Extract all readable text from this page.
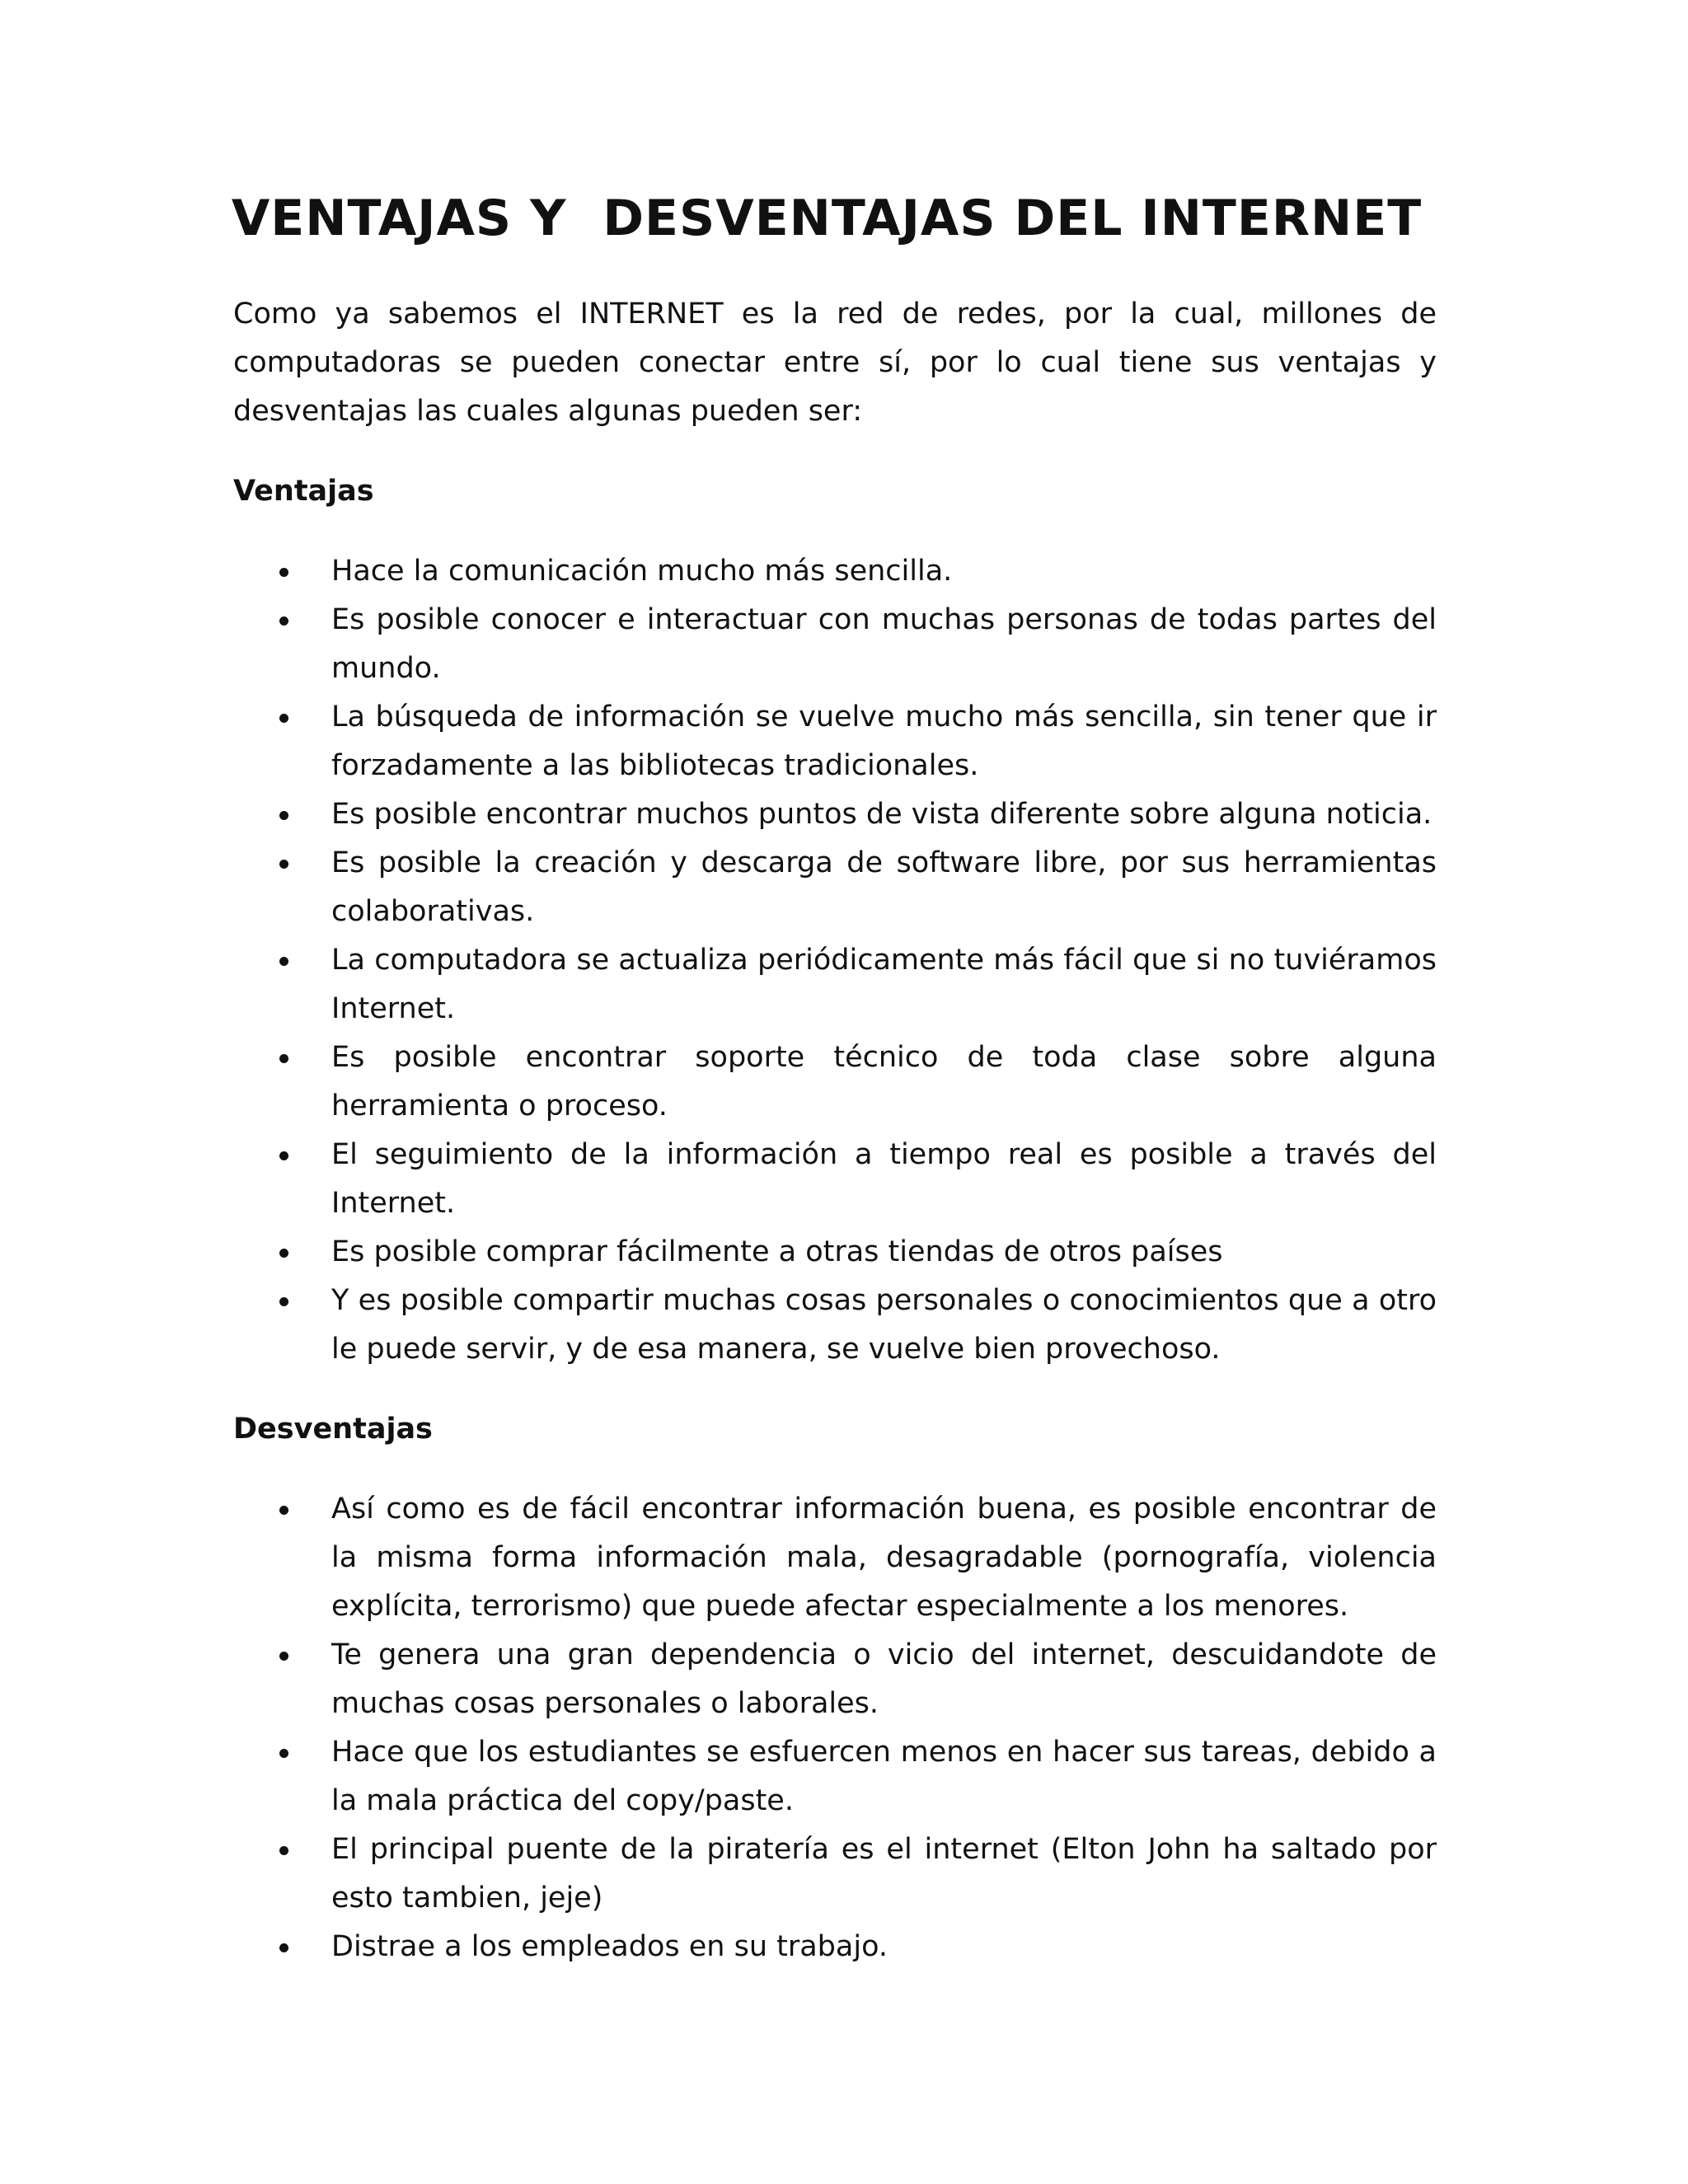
VENTAJAS Y  DESVENTAJAS DEL INTERNET

Como ya sabemos el INTERNET es la red de redes, por la cual, millones de computadoras se pueden conectar entre sí, por lo cual tiene sus ventajas y desventajas las cuales algunas pueden ser:

Ventajas
Hace la comunicación mucho más sencilla.
Es posible conocer e interactuar con muchas personas de todas partes del mundo.
La búsqueda de información se vuelve mucho más sencilla, sin tener que ir forzadamente a las bibliotecas tradicionales.
Es posible encontrar muchos puntos de vista diferente sobre alguna noticia.
Es posible la creación y descarga de software libre, por sus herramientas colaborativas.
La computadora se actualiza periódicamente más fácil que si no tuviéramos Internet.
Es posible encontrar soporte técnico de toda clase sobre alguna herramienta o proceso.
El seguimiento de la información a tiempo real es posible a través del Internet.
Es posible comprar fácilmente a otras tiendas de otros países
Y es posible compartir muchas cosas personales o conocimientos que a otro le puede servir, y de esa manera, se vuelve bien provechoso.
Desventajas
Así como es de fácil encontrar información buena, es posible encontrar de la misma forma información mala, desagradable (pornografía, violencia explícita, terrorismo) que puede afectar especialmente a los menores.
Te genera una gran dependencia o vicio del internet, descuidandote de muchas cosas personales o laborales.
Hace que los estudiantes se esfuercen menos en hacer sus tareas, debido a la mala práctica del copy/paste.
El principal puente de la piratería es el internet (Elton John ha saltado por esto tambien, jeje)
Distrae a los empleados en su trabajo.
